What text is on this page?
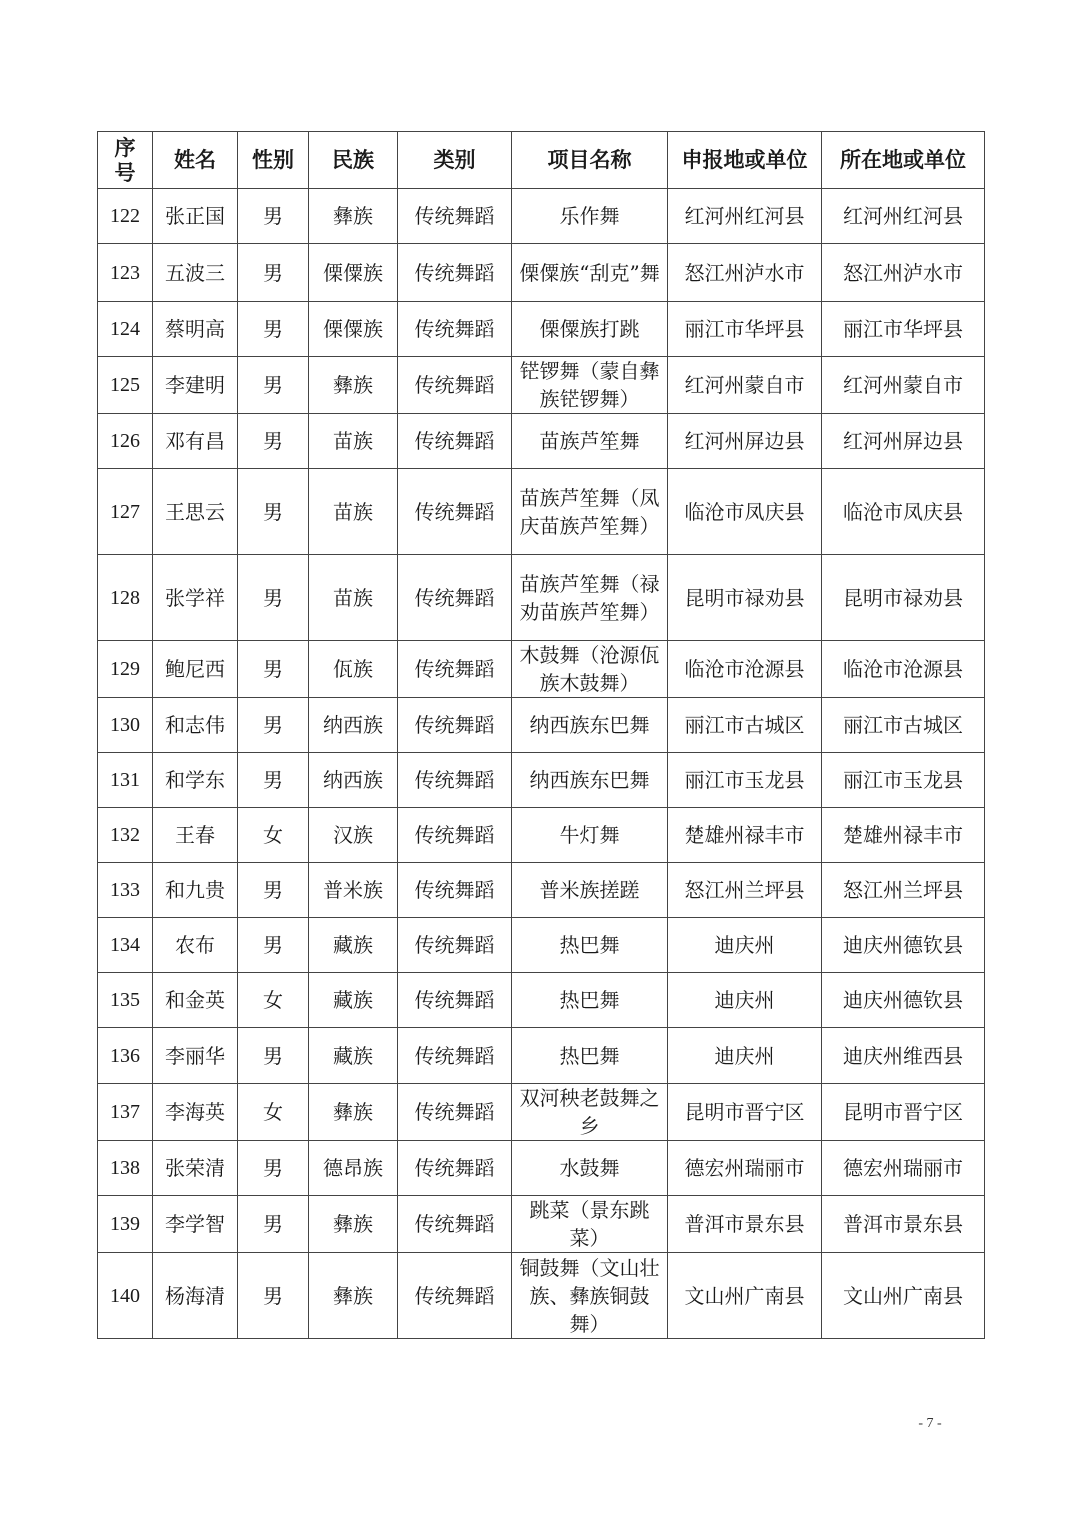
序号	姓名	性别	民族	类别	项目名称	申报地或单位	所在地或单位
122	张正国	男	彝族	传统舞蹈	乐作舞	红河州红河县	红河州红河县
123	五波三	男	傈僳族	传统舞蹈	傈僳族“刮克”舞	怒江州泸水市	怒江州泸水市
124	蔡明高	男	傈僳族	传统舞蹈	傈僳族打跳	丽江市华坪县	丽江市华坪县
125	李建明	男	彝族	传统舞蹈	铓锣舞（蒙自彝族铓锣舞）	红河州蒙自市	红河州蒙自市
126	邓有昌	男	苗族	传统舞蹈	苗族芦笙舞	红河州屏边县	红河州屏边县
127	王思云	男	苗族	传统舞蹈	苗族芦笙舞（凤庆苗族芦笙舞）	临沧市凤庆县	临沧市凤庆县
128	张学祥	男	苗族	传统舞蹈	苗族芦笙舞（禄劝苗族芦笙舞）	昆明市禄劝县	昆明市禄劝县
129	鲍尼西	男	佤族	传统舞蹈	木鼓舞（沧源佤族木鼓舞）	临沧市沧源县	临沧市沧源县
130	和志伟	男	纳西族	传统舞蹈	纳西族东巴舞	丽江市古城区	丽江市古城区
131	和学东	男	纳西族	传统舞蹈	纳西族东巴舞	丽江市玉龙县	丽江市玉龙县
132	王春	女	汉族	传统舞蹈	牛灯舞	楚雄州禄丰市	楚雄州禄丰市
133	和九贵	男	普米族	传统舞蹈	普米族搓蹉	怒江州兰坪县	怒江州兰坪县
134	农布	男	藏族	传统舞蹈	热巴舞	迪庆州	迪庆州德钦县
135	和金英	女	藏族	传统舞蹈	热巴舞	迪庆州	迪庆州德钦县
136	李丽华	男	藏族	传统舞蹈	热巴舞	迪庆州	迪庆州维西县
137	李海英	女	彝族	传统舞蹈	双河秧老鼓舞之乡	昆明市晋宁区	昆明市晋宁区
138	张荣清	男	德昂族	传统舞蹈	水鼓舞	德宏州瑞丽市	德宏州瑞丽市
139	李学智	男	彝族	传统舞蹈	跳菜（景东跳菜）	普洱市景东县	普洱市景东县
140	杨海清	男	彝族	传统舞蹈	铜鼓舞（文山壮族、彝族铜鼓舞）	文山州广南县	文山州广南县
- 7 -
